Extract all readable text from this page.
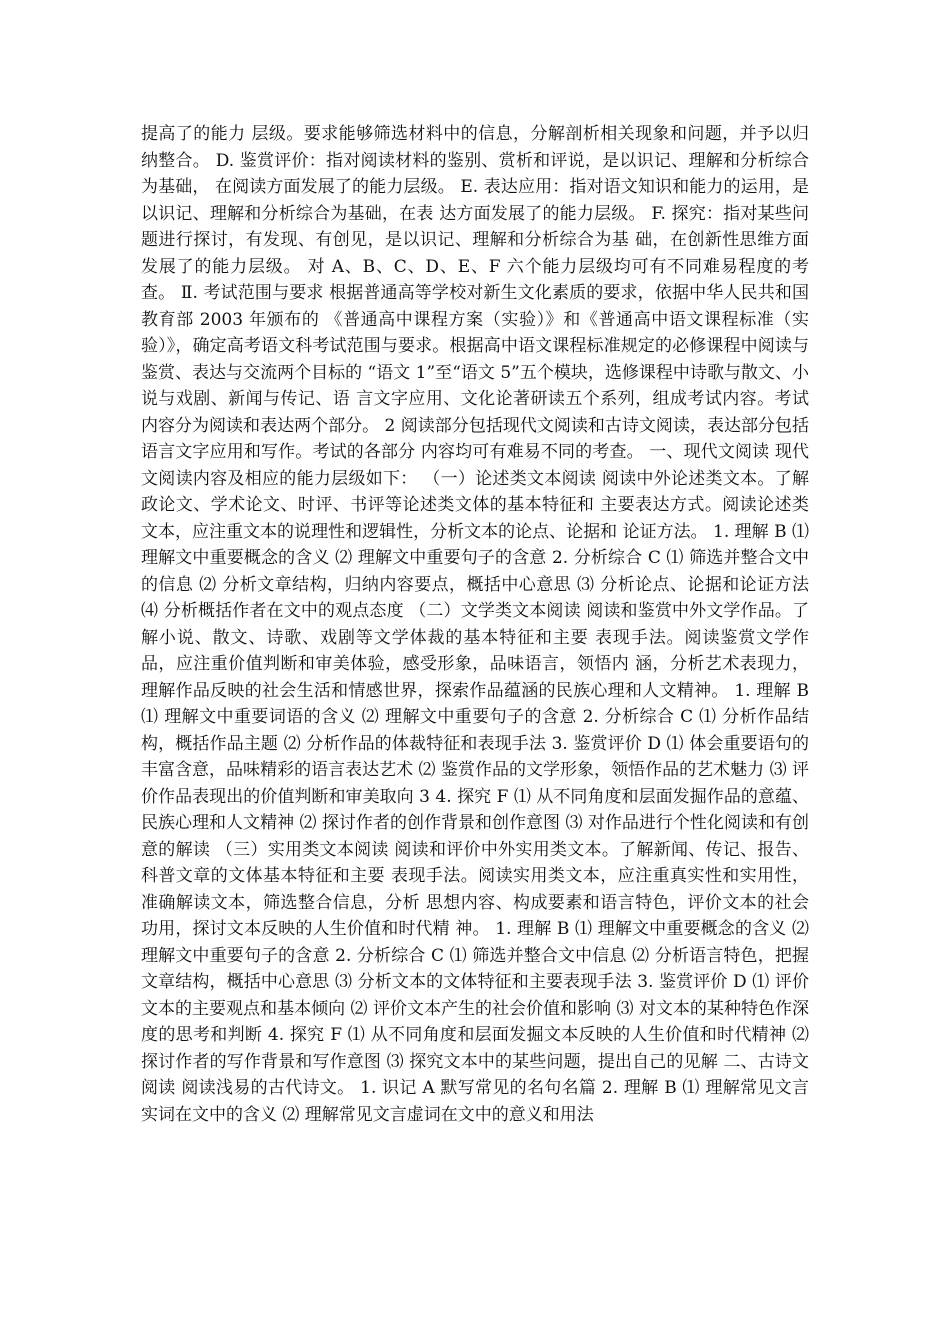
提高了的能力 层级。要求能够筛选材料中的信息，分解剖析相关现象和问题，并予以归纳整合。 D. 鉴赏评价：指对阅读材料的鉴别、赏析和评说，是以识记、理解和分析综合为基础， 在阅读方面发展了的能力层级。 E. 表达应用：指对语文知识和能力的运用，是以识记、理解和分析综合为基础，在表 达方面发展了的能力层级。 F. 探究：指对某些问题进行探讨，有发现、有创见，是以识记、理解和分析综合为基 础，在创新性思维方面发展了的能力层级。 对 A、B、C、D、E、F 六个能力层级均可有不同难易程度的考查。 Ⅱ. 考试范围与要求 根据普通高等学校对新生文化素质的要求，依据中华人民共和国教育部 2003 年颁布的 《普通高中课程方案（实验）》和《普通高中语文课程标准（实验）》，确定高考语文科考试范围与要求。根据高中语文课程标准规定的必修课程中阅读与鉴赏、表达与交流两个目标的 “语文 1”至“语文 5”五个模块，选修课程中诗歌与散文、小说与戏剧、新闻与传记、语 言文字应用、文化论著研读五个系列，组成考试内容。考试内容分为阅读和表达两个部分。 2 阅读部分包括现代文阅读和古诗文阅读，表达部分包括语言文字应用和写作。考试的各部分 内容均可有难易不同的考查。 一、现代文阅读 现代文阅读内容及相应的能力层级如下： （一）论述类文本阅读 阅读中外论述类文本。了解政论文、学术论文、时评、书评等论述类文体的基本特征和 主要表达方式。阅读论述类文本，应注重文本的说理性和逻辑性，分析文本的论点、论据和 论证方法。 1. 理解 B ⑴ 理解文中重要概念的含义 ⑵ 理解文中重要句子的含意 2. 分析综合 C ⑴ 筛选并整合文中的信息 ⑵ 分析文章结构，归纳内容要点，概括中心意思 ⑶ 分析论点、论据和论证方法 ⑷ 分析概括作者在文中的观点态度 （二）文学类文本阅读 阅读和鉴赏中外文学作品。了解小说、散文、诗歌、戏剧等文学体裁的基本特征和主要 表现手法。阅读鉴赏文学作品，应注重价值判断和审美体验，感受形象，品味语言，领悟内 涵，分析艺术表现力，理解作品反映的社会生活和情感世界，探索作品蕴涵的民族心理和人文精神。 1. 理解 B ⑴ 理解文中重要词语的含义 ⑵ 理解文中重要句子的含意 2. 分析综合 C ⑴ 分析作品结构，概括作品主题 ⑵ 分析作品的体裁特征和表现手法 3. 鉴赏评价 D ⑴ 体会重要语句的丰富含意，品味精彩的语言表达艺术 ⑵ 鉴赏作品的文学形象，领悟作品的艺术魅力 ⑶ 评价作品表现出的价值判断和审美取向 3 4. 探究 F ⑴ 从不同角度和层面发掘作品的意蕴、民族心理和人文精神 ⑵ 探讨作者的创作背景和创作意图 ⑶ 对作品进行个性化阅读和有创意的解读 （三）实用类文本阅读 阅读和评价中外实用类文本。了解新闻、传记、报告、科普文章的文体基本特征和主要 表现手法。阅读实用类文本，应注重真实性和实用性，准确解读文本，筛选整合信息，分析 思想内容、构成要素和语言特色，评价文本的社会功用，探讨文本反映的人生价值和时代精 神。 1. 理解 B ⑴ 理解文中重要概念的含义 ⑵ 理解文中重要句子的含意 2. 分析综合 C ⑴ 筛选并整合文中信息 ⑵ 分析语言特色，把握文章结构，概括中心意思 ⑶ 分析文本的文体特征和主要表现手法 3. 鉴赏评价 D ⑴ 评价文本的主要观点和基本倾向 ⑵ 评价文本产生的社会价值和影响 ⑶ 对文本的某种特色作深度的思考和判断 4. 探究 F ⑴ 从不同角度和层面发掘文本反映的人生价值和时代精神 ⑵ 探讨作者的写作背景和写作意图 ⑶ 探究文本中的某些问题，提出自己的见解 二、古诗文阅读 阅读浅易的古代诗文。 1. 识记 A 默写常见的名句名篇 2. 理解 B ⑴ 理解常见文言实词在文中的含义 ⑵ 理解常见文言虚词在文中的意义和用法
